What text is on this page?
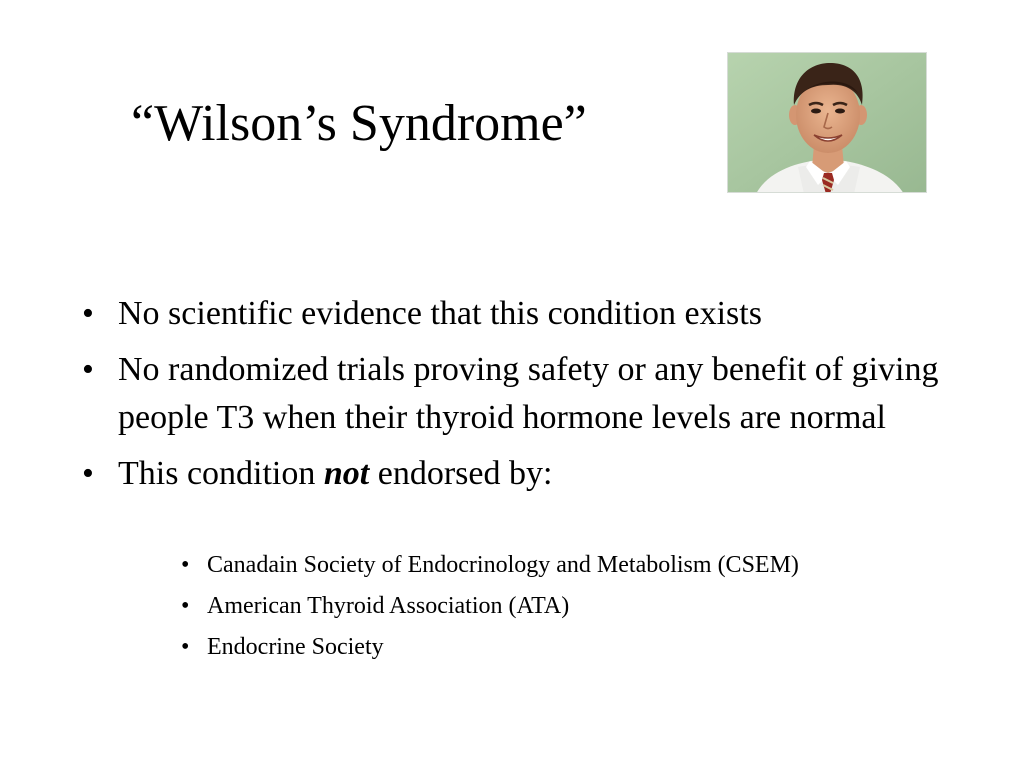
“Wilson’s Syndrome”
• No scientific evidence that this condition exists
• No randomized trials proving safety or any benefit of giving people T3 when their thyroid hormone levels are normal
• This condition not endorsed by:
• Canadain Society of Endocrinology and Metabolism (CSEM)
• American Thyroid Association (ATA)
• Endocrine Society
